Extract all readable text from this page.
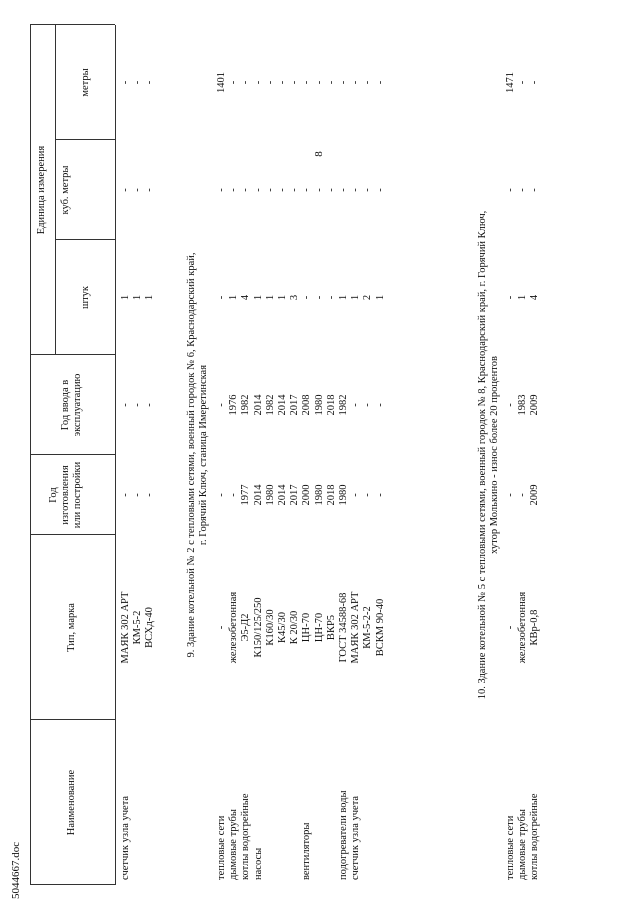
8
5044667.doc
Наименование
Тип, марка
Год изготовления или постройки
Год ввода в эксплуатацию
Единица измерения
штук
куб. метры
метры
счетчик узла учета
МАЯК 302 АРТ
-
-
1
-
-
КМ-5-2
-
-
1
-
-
ВСХд-40
-
-
1
-
-
9. Здание котельной № 2 с тепловыми сетями, военный городок № 6, Краснодарский край, г. Горячий Ключ, станица Имеретинская
тепловые сети
-
-
-
-
-
1401
дымовые трубы
железобетонная
-
1976
1
-
-
котлы водогрейные
Э5-Д2
1977
1982
4
-
-
насосы
К150/125/250
2014
2014
1
-
-
К160/30
1980
1982
1
-
-
К45/30
2014
2014
1
-
-
К 20/30
2017
2017
3
-
-
вентиляторы
ЦН-70
2000
2008
-
-
-
ЦН-70
1980
1980
-
-
-
ВКР5
2018
2018
-
-
-
подогреватели воды
ГОСТ 34588-68
1980
1982
1
-
-
счетчик узла учета
МАЯК 302 АРТ
-
-
1
-
-
КМ-5-2-2
-
-
2
-
-
ВСКМ 90-40
-
-
1
-
-
10. Здание котельной № 5 с тепловыми сетями, военный городок № 8, Краснодарский край, г. Горячий Ключ, хутор Молькино - износ более 20 процентов
тепловые сети
-
-
-
-
-
1471
дымовые трубы
железобетонная
-
1983
1
-
-
котлы водогрейные
КВр-0,8
2009
2009
4
-
-
